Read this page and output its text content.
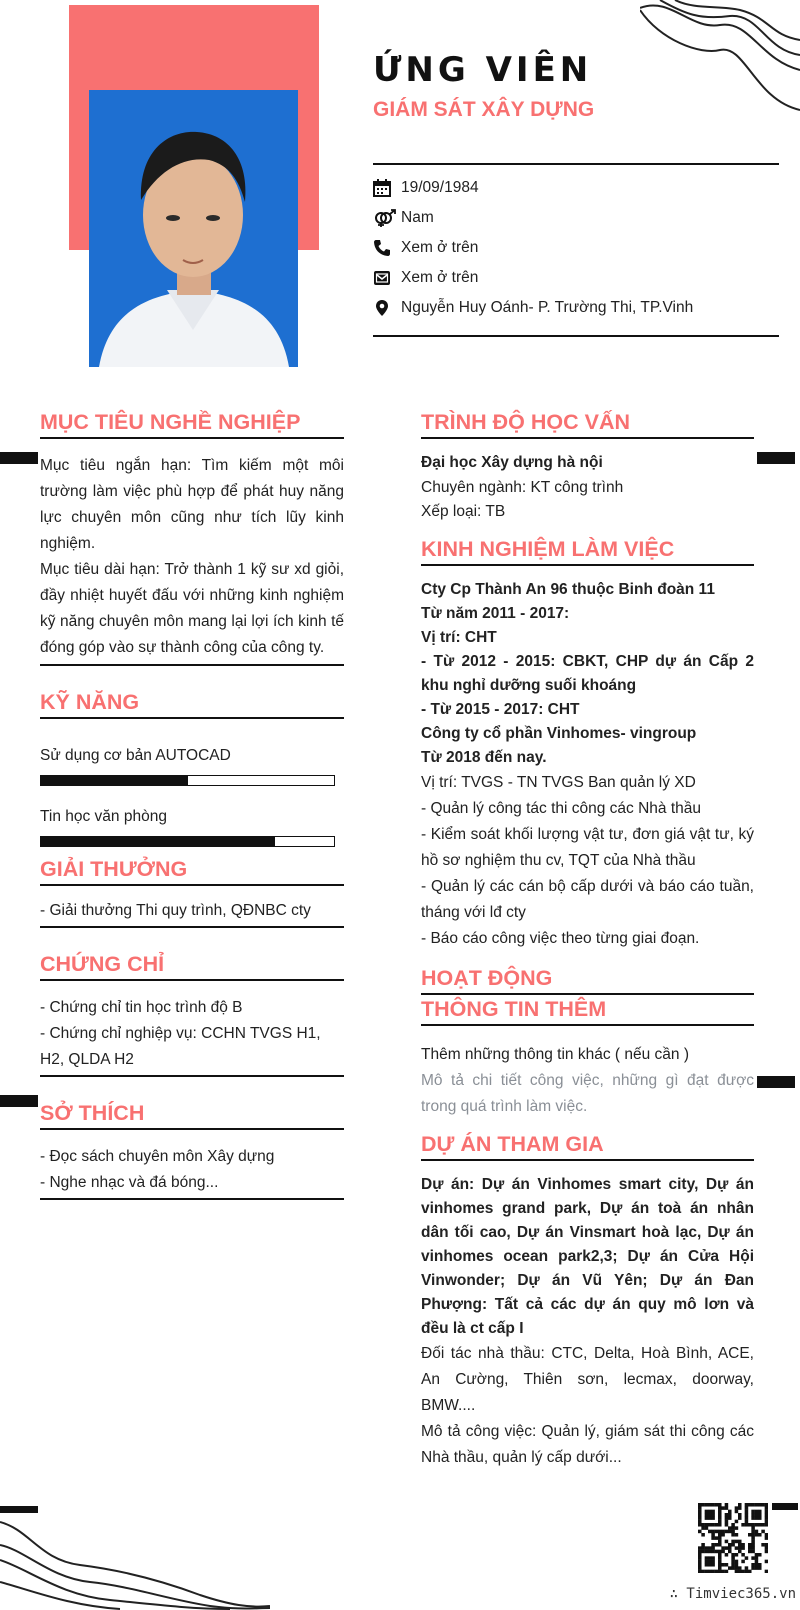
ỨNG VIÊN
GIÁM SÁT XÂY DỰNG
19/09/1984
Nam
Xem ở trên
Xem ở trên
Nguyễn Huy Oánh- P. Trường Thi, TP.Vinh
MỤC TIÊU NGHỀ NGHIỆP
Mục tiêu ngắn hạn: Tìm kiếm một môi trường làm việc phù hợp để phát huy năng lực chuyên môn cũng như tích lũy kinh nghiệm.
Mục tiêu dài hạn: Trở thành 1 kỹ sư xd giỏi, đầy nhiệt huyết đấu với những kinh nghiệm kỹ năng chuyên môn mang lại lợi ích kinh tế đóng góp vào sự thành công của công ty.
KỸ NĂNG
Sử dụng cơ bản AUTOCAD
Tin học văn phòng
GIẢI THƯỞNG
- Giải thưởng Thi quy trình, QĐNBC cty
CHỨNG CHỈ
- Chứng chỉ tin học trình độ B
- Chứng chỉ nghiệp vụ: CCHN TVGS H1, H2, QLDA H2
SỞ THÍCH
- Đọc sách chuyên môn Xây dựng
- Nghe nhạc và đá bóng...
TRÌNH ĐỘ HỌC VẤN
Đại học Xây dựng hà nội
Chuyên ngành: KT công trình
Xếp loại: TB
KINH NGHIỆM LÀM VIỆC
Cty Cp Thành An 96 thuộc Binh đoàn 11
Từ năm 2011 - 2017:
Vị trí: CHT
- Từ 2012 - 2015: CBKT, CHP dự án Cấp 2 khu nghỉ dưỡng suối khoáng
- Từ 2015 - 2017: CHT
Công ty cổ phần Vinhomes- vingroup
Từ 2018 đến nay.
Vị trí: TVGS - TN TVGS Ban quản lý XD
- Quản lý công tác thi công các Nhà thầu
- Kiểm soát khối lượng vật tư, đơn giá vật tư, ký hồ sơ nghiệm thu cv, TQT của Nhà thầu
- Quản lý các cán bộ cấp dưới và báo cáo tuần, tháng với lđ cty
- Báo cáo công việc theo từng giai đoạn.
HOẠT ĐỘNG
THÔNG TIN THÊM
Thêm những thông tin khác ( nếu cần )
Mô tả chi tiết công việc, những gì đạt được trong quá trình làm việc.
DỰ ÁN THAM GIA
Dự án: Dự án Vinhomes smart city, Dự án vinhomes grand park, Dự án toà án nhân dân tối cao, Dự án Vinsmart hoà lạc, Dự án vinhomes ocean park2,3; Dự án Cửa Hội Vinwonder; Dự án Vũ Yên; Dự án Đan Phượng: Tất cả các dự án quy mô lơn và đều là ct cấp I
Đối tác nhà thầu: CTC, Delta, Hoà Bình, ACE, An Cường, Thiên sơn, lecmax, doorway, BMW....
Mô tả công việc: Quản lý, giám sát thi công các Nhà thầu, quản lý cấp dưới...
∴ Timviec365.vn
